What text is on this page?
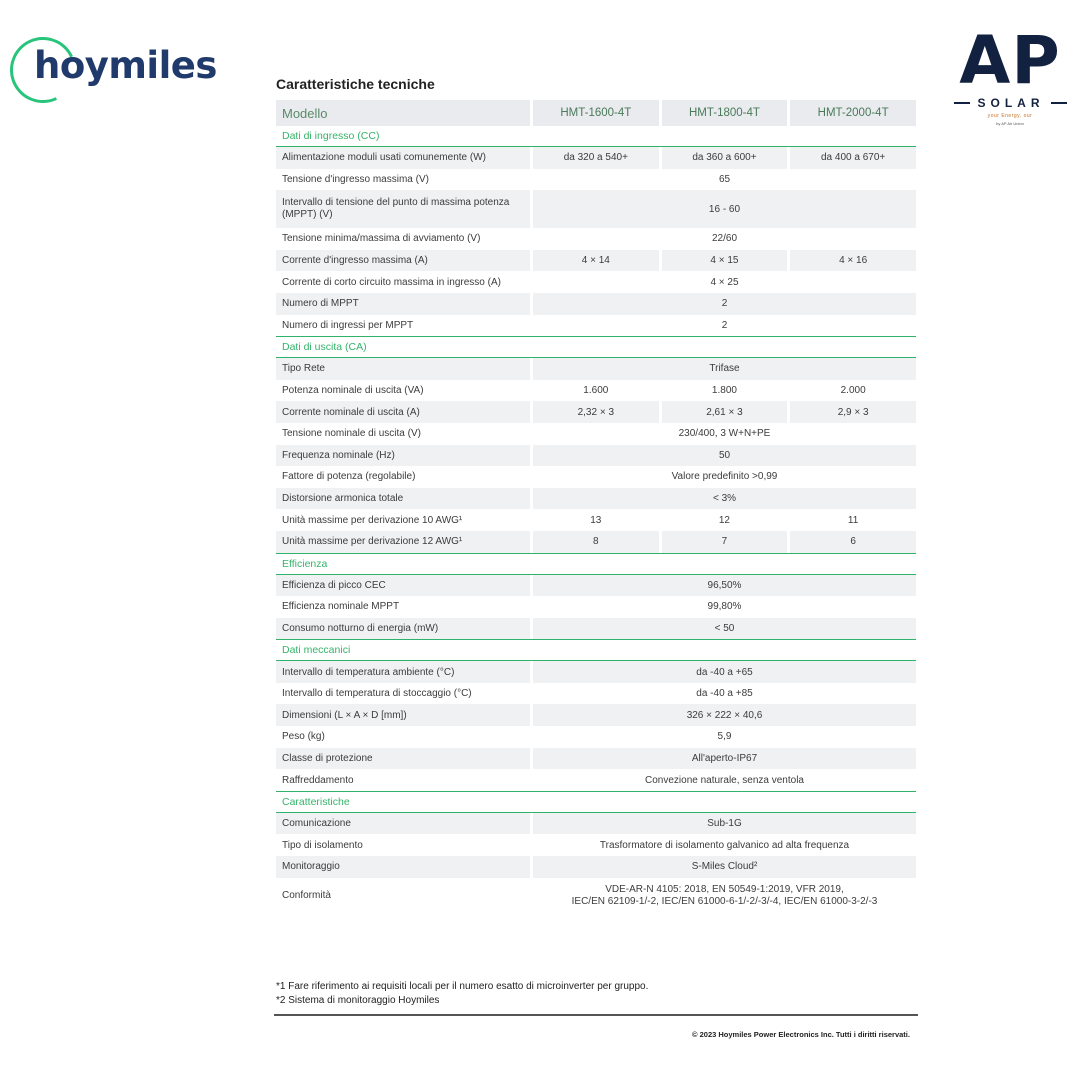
hoymiles	AP
SOLAR
your Energy, our
by AP Air Union
Caratteristiche tecniche
Modello	HMT-1600-4T	HMT-1800-4T	HMT-2000-4T
Dati di ingresso (CC)			
Alimentazione moduli usati comunemente (W)	da 320 a 540+	da 360 a 600+	da 400 a 670+
Tensione d'ingresso massima (V)	65		
Intervallo di tensione del punto di massima potenza (MPPT) (V)	16 - 60		
Tensione minima/massima di avviamento (V)	22/60		
Corrente d'ingresso massima (A)	4 × 14	4 × 15	4 × 16
Corrente di corto circuito massima in ingresso (A)	4 × 25		
Numero di MPPT	2		
Numero di ingressi per MPPT	2		
Dati di uscita (CA)			
Tipo Rete	Trifase		
Potenza nominale di uscita (VA)	1.600	1.800	2.000
Corrente nominale di uscita (A)	2,32 × 3	2,61 × 3	2,9 × 3
Tensione nominale di uscita (V)	230/400, 3 W+N+PE		
Frequenza nominale (Hz)	50		
Fattore di potenza (regolabile)	Valore predefinito >0,99		
Distorsione armonica totale	< 3%		
Unità massime per derivazione 10 AWG¹	13	12	11
Unità massime per derivazione 12 AWG¹	8	7	6
Efficienza			
Efficienza di picco CEC	96,50%		
Efficienza nominale MPPT	99,80%		
Consumo notturno di energia (mW)	< 50		
Dati meccanici			
Intervallo di temperatura ambiente (°C)	da -40 a +65		
Intervallo di temperatura di stoccaggio (°C)	da -40 a +85		
Dimensioni (L × A × D [mm])	326 × 222 × 40,6		
Peso (kg)	5,9		
Classe di protezione	All'aperto-IP67		
Raffreddamento	Convezione naturale, senza ventola		
Caratteristiche			
Comunicazione	Sub-1G		
Tipo di isolamento	Trasformatore di isolamento galvanico ad alta frequenza		
Monitoraggio	S-Miles Cloud²		
Conformità	VDE-AR-N 4105: 2018, EN 50549-1:2019, VFR 2019,
IEC/EN 62109-1/-2, IEC/EN 61000-6-1/-2/-3/-4, IEC/EN 61000-3-2/-3		
*1 Fare riferimento ai requisiti locali per il numero esatto di microinverter per gruppo.
*2 Sistema di monitoraggio Hoymiles
© 2023 Hoymiles Power Electronics Inc. Tutti i diritti riservati.
